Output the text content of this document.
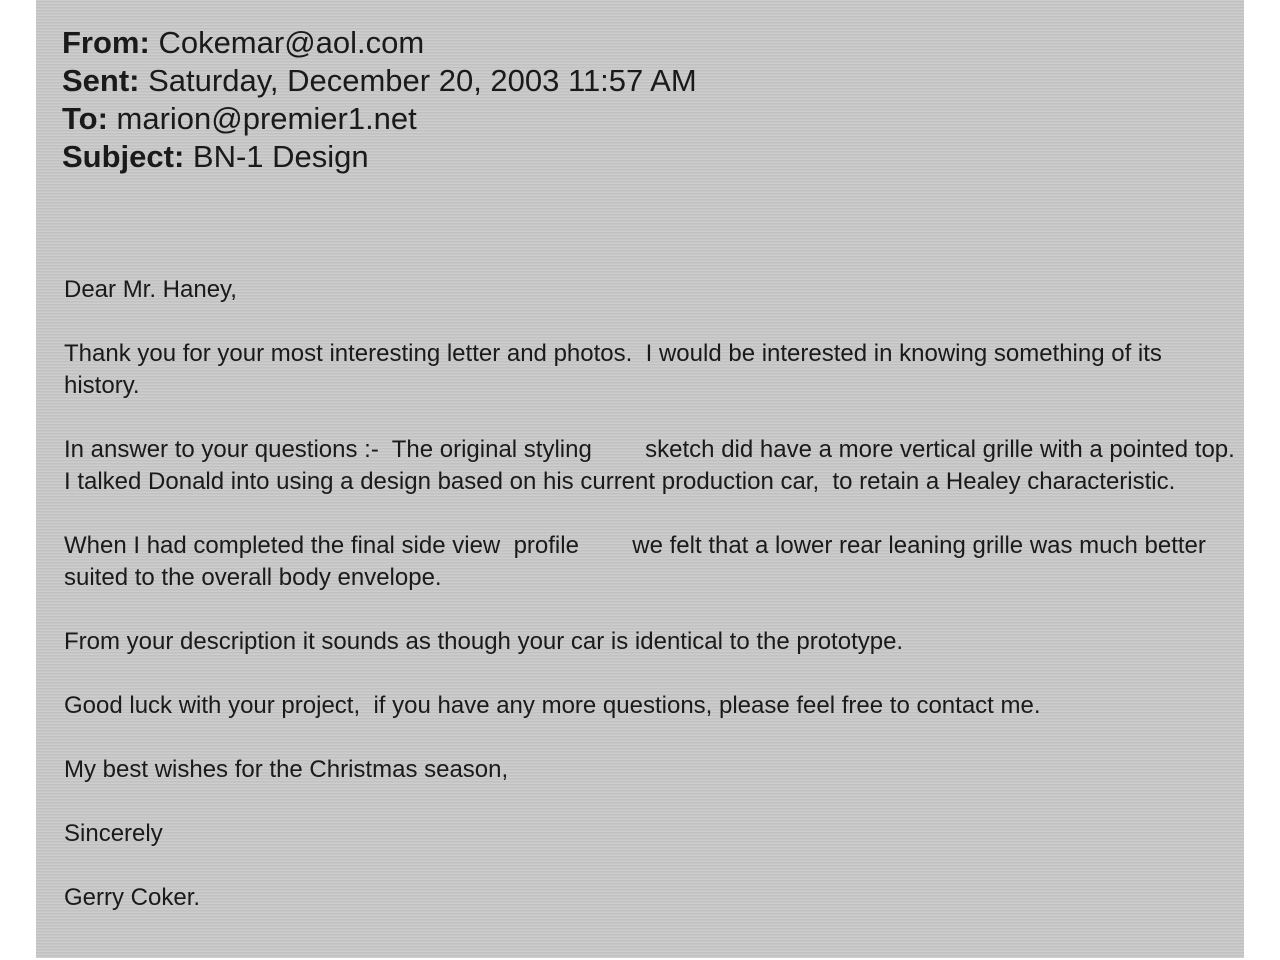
From: Cokemar@aol.com
Sent: Saturday, December 20, 2003 11:57 AM
To: marion@premier1.net
Subject: BN-1 Design

Dear Mr. Haney,

Thank you for your most interesting letter and photos.  I would be interested in knowing something of its history.

In answer to your questions :-  The original styling        sketch did have a more vertical grille with a pointed top.  I talked Donald into using a design based on his current production car,  to retain a Healey characteristic.

When I had completed the final side view  profile        we felt that a lower rear leaning grille was much better suited to the overall body envelope.

From your description it sounds as though your car is identical to the prototype.

Good luck with your project,  if you have any more questions, please feel free to contact me.

My best wishes for the Christmas season,

Sincerely

Gerry Coker.
